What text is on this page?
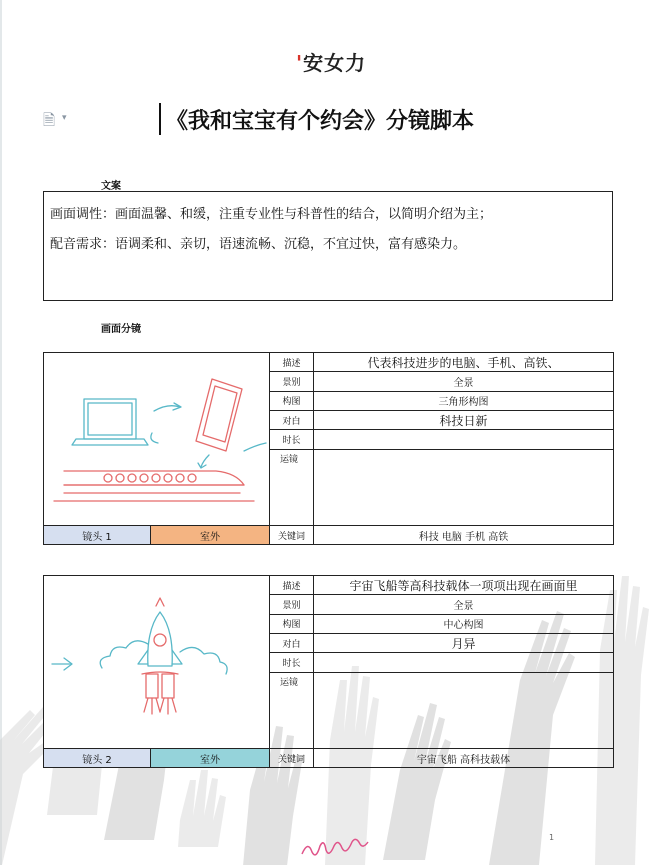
'安女力
🗎 ▾	《我和宝宝有个约会》分镜脚本
文案

画面调性：画面温馨、和缓，注重专业性与科普性的结合，以简明介绍为主；

配音需求：语调柔和、亲切，语速流畅、沉稳，不宜过快，富有感染力。

画面分镜
	描述	代表科技进步的电脑、手机、高铁、
		景别	全景
		构图	三角形构图
		对白	科技日新
		时长	
		运镜	
镜头 1	室外	关键词	科技 电脑 手机 高铁
	描述	宇宙飞船等高科技载体一项项出现在画面里
		景别	全景
		构图	中心构图
		对白	月异
		时长	
		运镜	
镜头 2	室外	关键词	宇宙飞船 高科技载体
1
